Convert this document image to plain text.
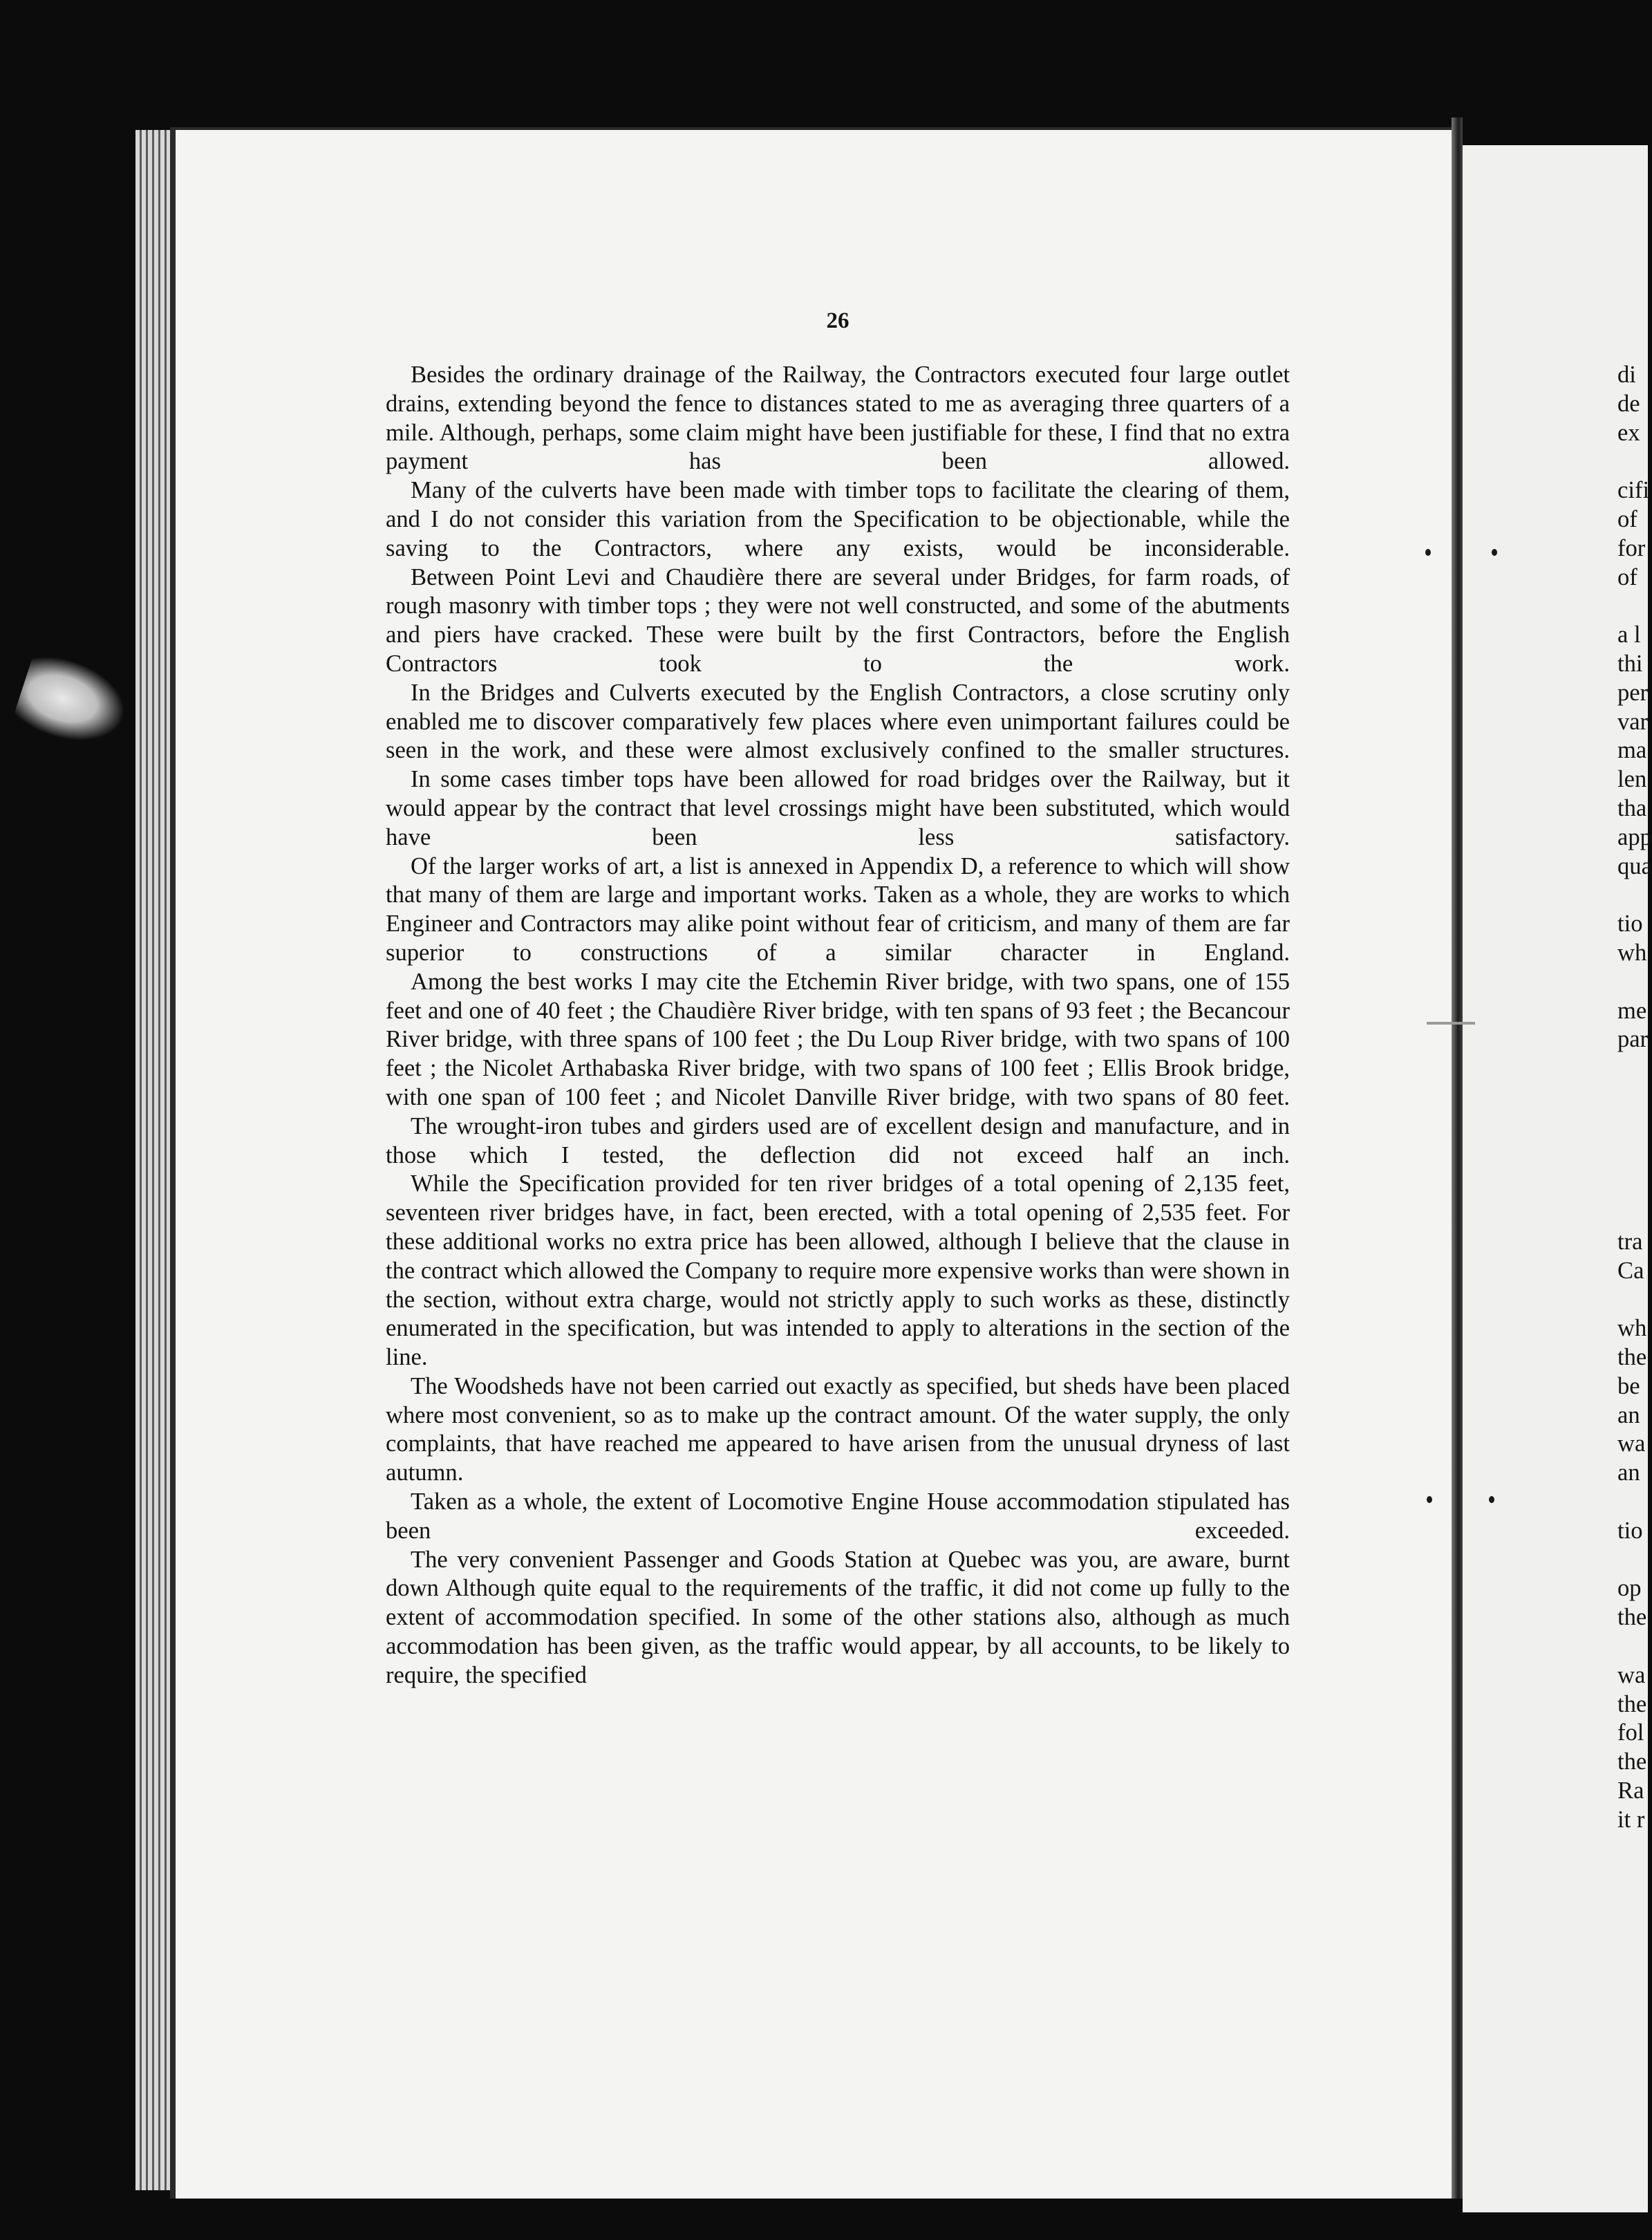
26

Besides the ordinary drainage of the Railway, the Contractors executed four large outlet drains, extending beyond the fence to distances stated to me as averaging three quarters of a mile. Although, perhaps, some claim might have been justifiable for these, I find that no extra payment has been allowed.

Many of the culverts have been made with timber tops to facilitate the clearing of them, and I do not consider this variation from the Specification to be objectionable, while the saving to the Contractors, where any exists, would be inconsiderable.

Between Point Levi and Chaudière there are several under Bridges, for farm roads, of rough masonry with timber tops ; they were not well constructed, and some of the abutments and piers have cracked. These were built by the first Contractors, before the English Contractors took to the work.

In the Bridges and Culverts executed by the English Contractors, a close scrutiny only enabled me to discover comparatively few places where even unimportant failures could be seen in the work, and these were almost exclusively confined to the smaller structures.

In some cases timber tops have been allowed for road bridges over the Railway, but it would appear by the contract that level crossings might have been substituted, which would have been less satisfactory.

Of the larger works of art, a list is annexed in Appendix D, a reference to which will show that many of them are large and important works. Taken as a whole, they are works to which Engineer and Contractors may alike point without fear of criticism, and many of them are far superior to constructions of a similar character in England.

Among the best works I may cite the Etchemin River bridge, with two spans, one of 155 feet and one of 40 feet ; the Chaudière River bridge, with ten spans of 93 feet ; the Becancour River bridge, with three spans of 100 feet ; the Du Loup River bridge, with two spans of 100 feet ; the Nicolet Arthabaska River bridge, with two spans of 100 feet ; Ellis Brook bridge, with one span of 100 feet ; and Nicolet Danville River bridge, with two spans of 80 feet.

The wrought-iron tubes and girders used are of excellent design and manufacture, and in those which I tested, the deflection did not exceed half an inch.

While the Specification provided for ten river bridges of a total opening of 2,135 feet, seventeen river bridges have, in fact, been erected, with a total opening of 2,535 feet. For these additional works no extra price has been allowed, although I believe that the clause in the contract which allowed the Company to require more expensive works than were shown in the section, without extra charge, would not strictly apply to such works as these, distinctly enumerated in the specification, but was intended to apply to alterations in the section of the line.

The Woodsheds have not been carried out exactly as specified, but sheds have been placed where most convenient, so as to make up the contract amount. Of the water supply, the only complaints, that have reached me appeared to have arisen from the unusual dryness of last autumn.

Taken as a whole, the extent of Locomotive Engine House accommodation stipulated has been exceeded.

The very convenient Passenger and Goods Station at Quebec was you, are aware, burnt down Although quite equal to the requirements of the traffic, it did not come up fully to the extent of accommodation specified. In some of the other stations also, although as much accommodation has been given, as the traffic would appear, by all accounts, to be likely to require, the specified

di
de
ex
cifi
of
for
of
a l
thi
per
var
ma
len
tha
app
qua
tio
wh
me
par
tra
Ca
wh
the
be
an
wa
an
tio
op
the
wa
the
fol
the
Ra
it r
